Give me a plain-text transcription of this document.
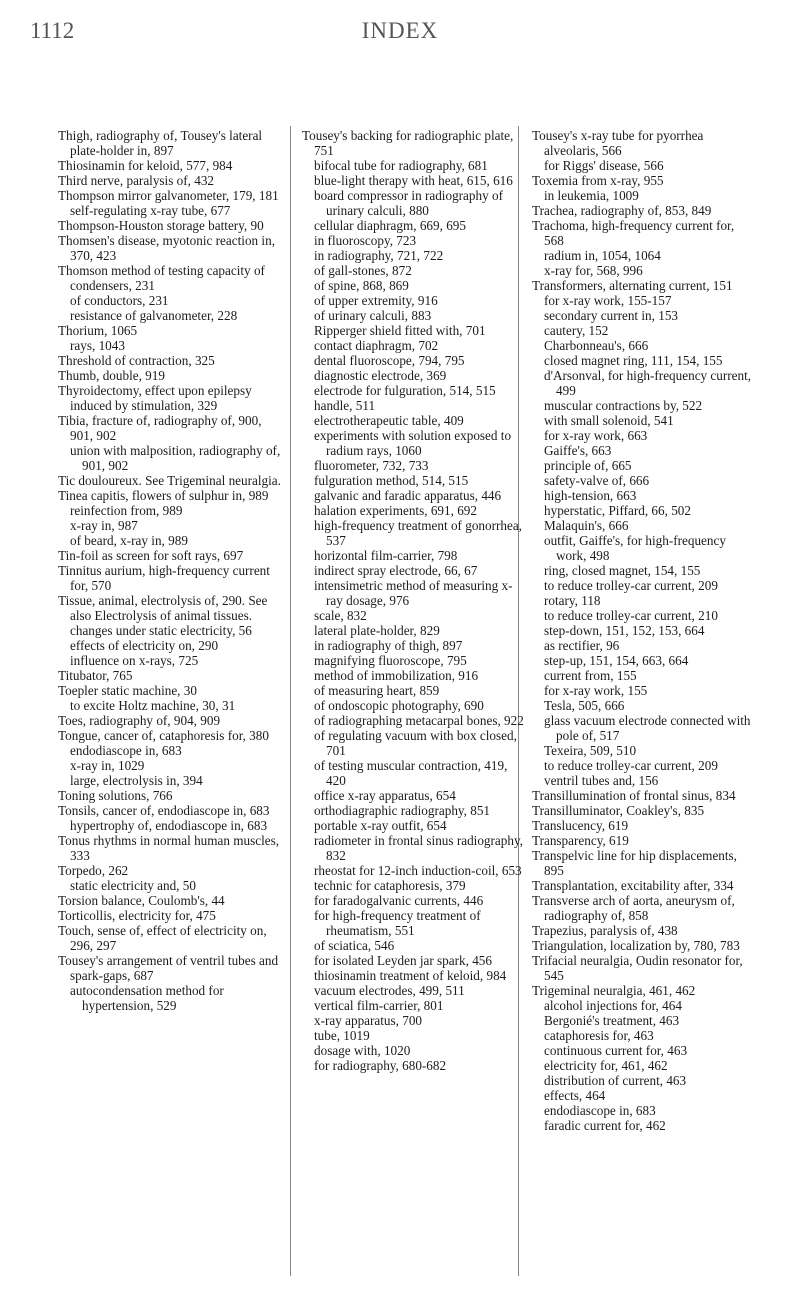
1112	INDEX
Thigh, radiography of, Tousey's lateral plate-holder in, 897
Thiosinamin for keloid, 577, 984
Third nerve, paralysis of, 432
Thompson mirror galvanometer, 179, 181
self-regulating x-ray tube, 677
Thompson-Houston storage battery, 90
Thomsen's disease, myotonic reaction in, 370, 423
Thomson method of testing capacity of condensers, 231
of conductors, 231
resistance of galvanometer, 228
Thorium, 1065
rays, 1043
Threshold of contraction, 325
Thumb, double, 919
Thyroidectomy, effect upon epilepsy induced by stimulation, 329
Tibia, fracture of, radiography of, 900, 901, 902
union with malposition, radiography of, 901, 902
Tic douloureux. See Trigeminal neuralgia.
Tinea capitis, flowers of sulphur in, 989
reinfection from, 989
x-ray in, 987
of beard, x-ray in, 989
Tin-foil as screen for soft rays, 697
Tinnitus aurium, high-frequency current for, 570
Tissue, animal, electrolysis of, 290. See also Electrolysis of animal tissues.
changes under static electricity, 56
effects of electricity on, 290
influence on x-rays, 725
Titubator, 765
Toepler static machine, 30
to excite Holtz machine, 30, 31
Toes, radiography of, 904, 909
Tongue, cancer of, cataphoresis for, 380
endodiascope in, 683
x-ray in, 1029
large, electrolysis in, 394
Toning solutions, 766
Tonsils, cancer of, endodiascope in, 683
hypertrophy of, endodiascope in, 683
Tonus rhythms in normal human muscles, 333
Torpedo, 262
static electricity and, 50
Torsion balance, Coulomb's, 44
Torticollis, electricity for, 475
Touch, sense of, effect of electricity on, 296, 297
Tousey's arrangement of ventril tubes and spark-gaps, 687
autocondensation method for hypertension, 529
Tousey's backing for radiographic plate, 751
bifocal tube for radiography, 681
blue-light therapy with heat, 615, 616
board compressor in radiography of urinary calculi, 880
cellular diaphragm, 669, 695
in fluoroscopy, 723
in radiography, 721, 722
of gall-stones, 872
of spine, 868, 869
of upper extremity, 916
of urinary calculi, 883
Ripperger shield fitted with, 701
contact diaphragm, 702
dental fluoroscope, 794, 795
diagnostic electrode, 369
electrode for fulguration, 514, 515
handle, 511
electrotherapeutic table, 409
experiments with solution exposed to radium rays, 1060
fluorometer, 732, 733
fulguration method, 514, 515
galvanic and faradic apparatus, 446
halation experiments, 691, 692
high-frequency treatment of gonorrhea, 537
horizontal film-carrier, 798
indirect spray electrode, 66, 67
intensimetric method of measuring x-ray dosage, 976
scale, 832
lateral plate-holder, 829
in radiography of thigh, 897
magnifying fluoroscope, 795
method of immobilization, 916
of measuring heart, 859
of ondoscopic photography, 690
of radiographing metacarpal bones, 922
of regulating vacuum with box closed, 701
of testing muscular contraction, 419, 420
office x-ray apparatus, 654
orthodiagraphic radiography, 851
portable x-ray outfit, 654
radiometer in frontal sinus radiography, 832
rheostat for 12-inch induction-coil, 653
technic for cataphoresis, 379
for faradogalvanic currents, 446
for high-frequency treatment of rheumatism, 551
of sciatica, 546
for isolated Leyden jar spark, 456
thiosinamin treatment of keloid, 984
vacuum electrodes, 499, 511
vertical film-carrier, 801
x-ray apparatus, 700
tube, 1019
dosage with, 1020
for radiography, 680-682
Tousey's x-ray tube for pyorrhea alveolaris, 566
for Riggs' disease, 566
Toxemia from x-ray, 955
in leukemia, 1009
Trachea, radiography of, 853, 849
Trachoma, high-frequency current for, 568
radium in, 1054, 1064
x-ray for, 568, 996
Transformers, alternating current, 151
for x-ray work, 155-157
secondary current in, 153
cautery, 152
Charbonneau's, 666
closed magnet ring, 111, 154, 155
d'Arsonval, for high-frequency current, 499
muscular contractions by, 522
with small solenoid, 541
for x-ray work, 663
Gaiffe's, 663
principle of, 665
safety-valve of, 666
high-tension, 663
hyperstatic, Piffard, 66, 502
Malaquin's, 666
outfit, Gaiffe's, for high-frequency work, 498
ring, closed magnet, 154, 155
to reduce trolley-car current, 209
rotary, 118
to reduce trolley-car current, 210
step-down, 151, 152, 153, 664
as rectifier, 96
step-up, 151, 154, 663, 664
current from, 155
for x-ray work, 155
Tesla, 505, 666
glass vacuum electrode connected with pole of, 517
Texeira, 509, 510
to reduce trolley-car current, 209
ventril tubes and, 156
Transillumination of frontal sinus, 834
Transilluminator, Coakley's, 835
Translucency, 619
Transparency, 619
Transpelvic line for hip displacements, 895
Transplantation, excitability after, 334
Transverse arch of aorta, aneurysm of, radiography of, 858
Trapezius, paralysis of, 438
Triangulation, localization by, 780, 783
Trifacial neuralgia, Oudin resonator for, 545
Trigeminal neuralgia, 461, 462
alcohol injections for, 464
Bergonié's treatment, 463
cataphoresis for, 463
continuous current for, 463
electricity for, 461, 462
distribution of current, 463
effects, 464
endodiascope in, 683
faradic current for, 462
